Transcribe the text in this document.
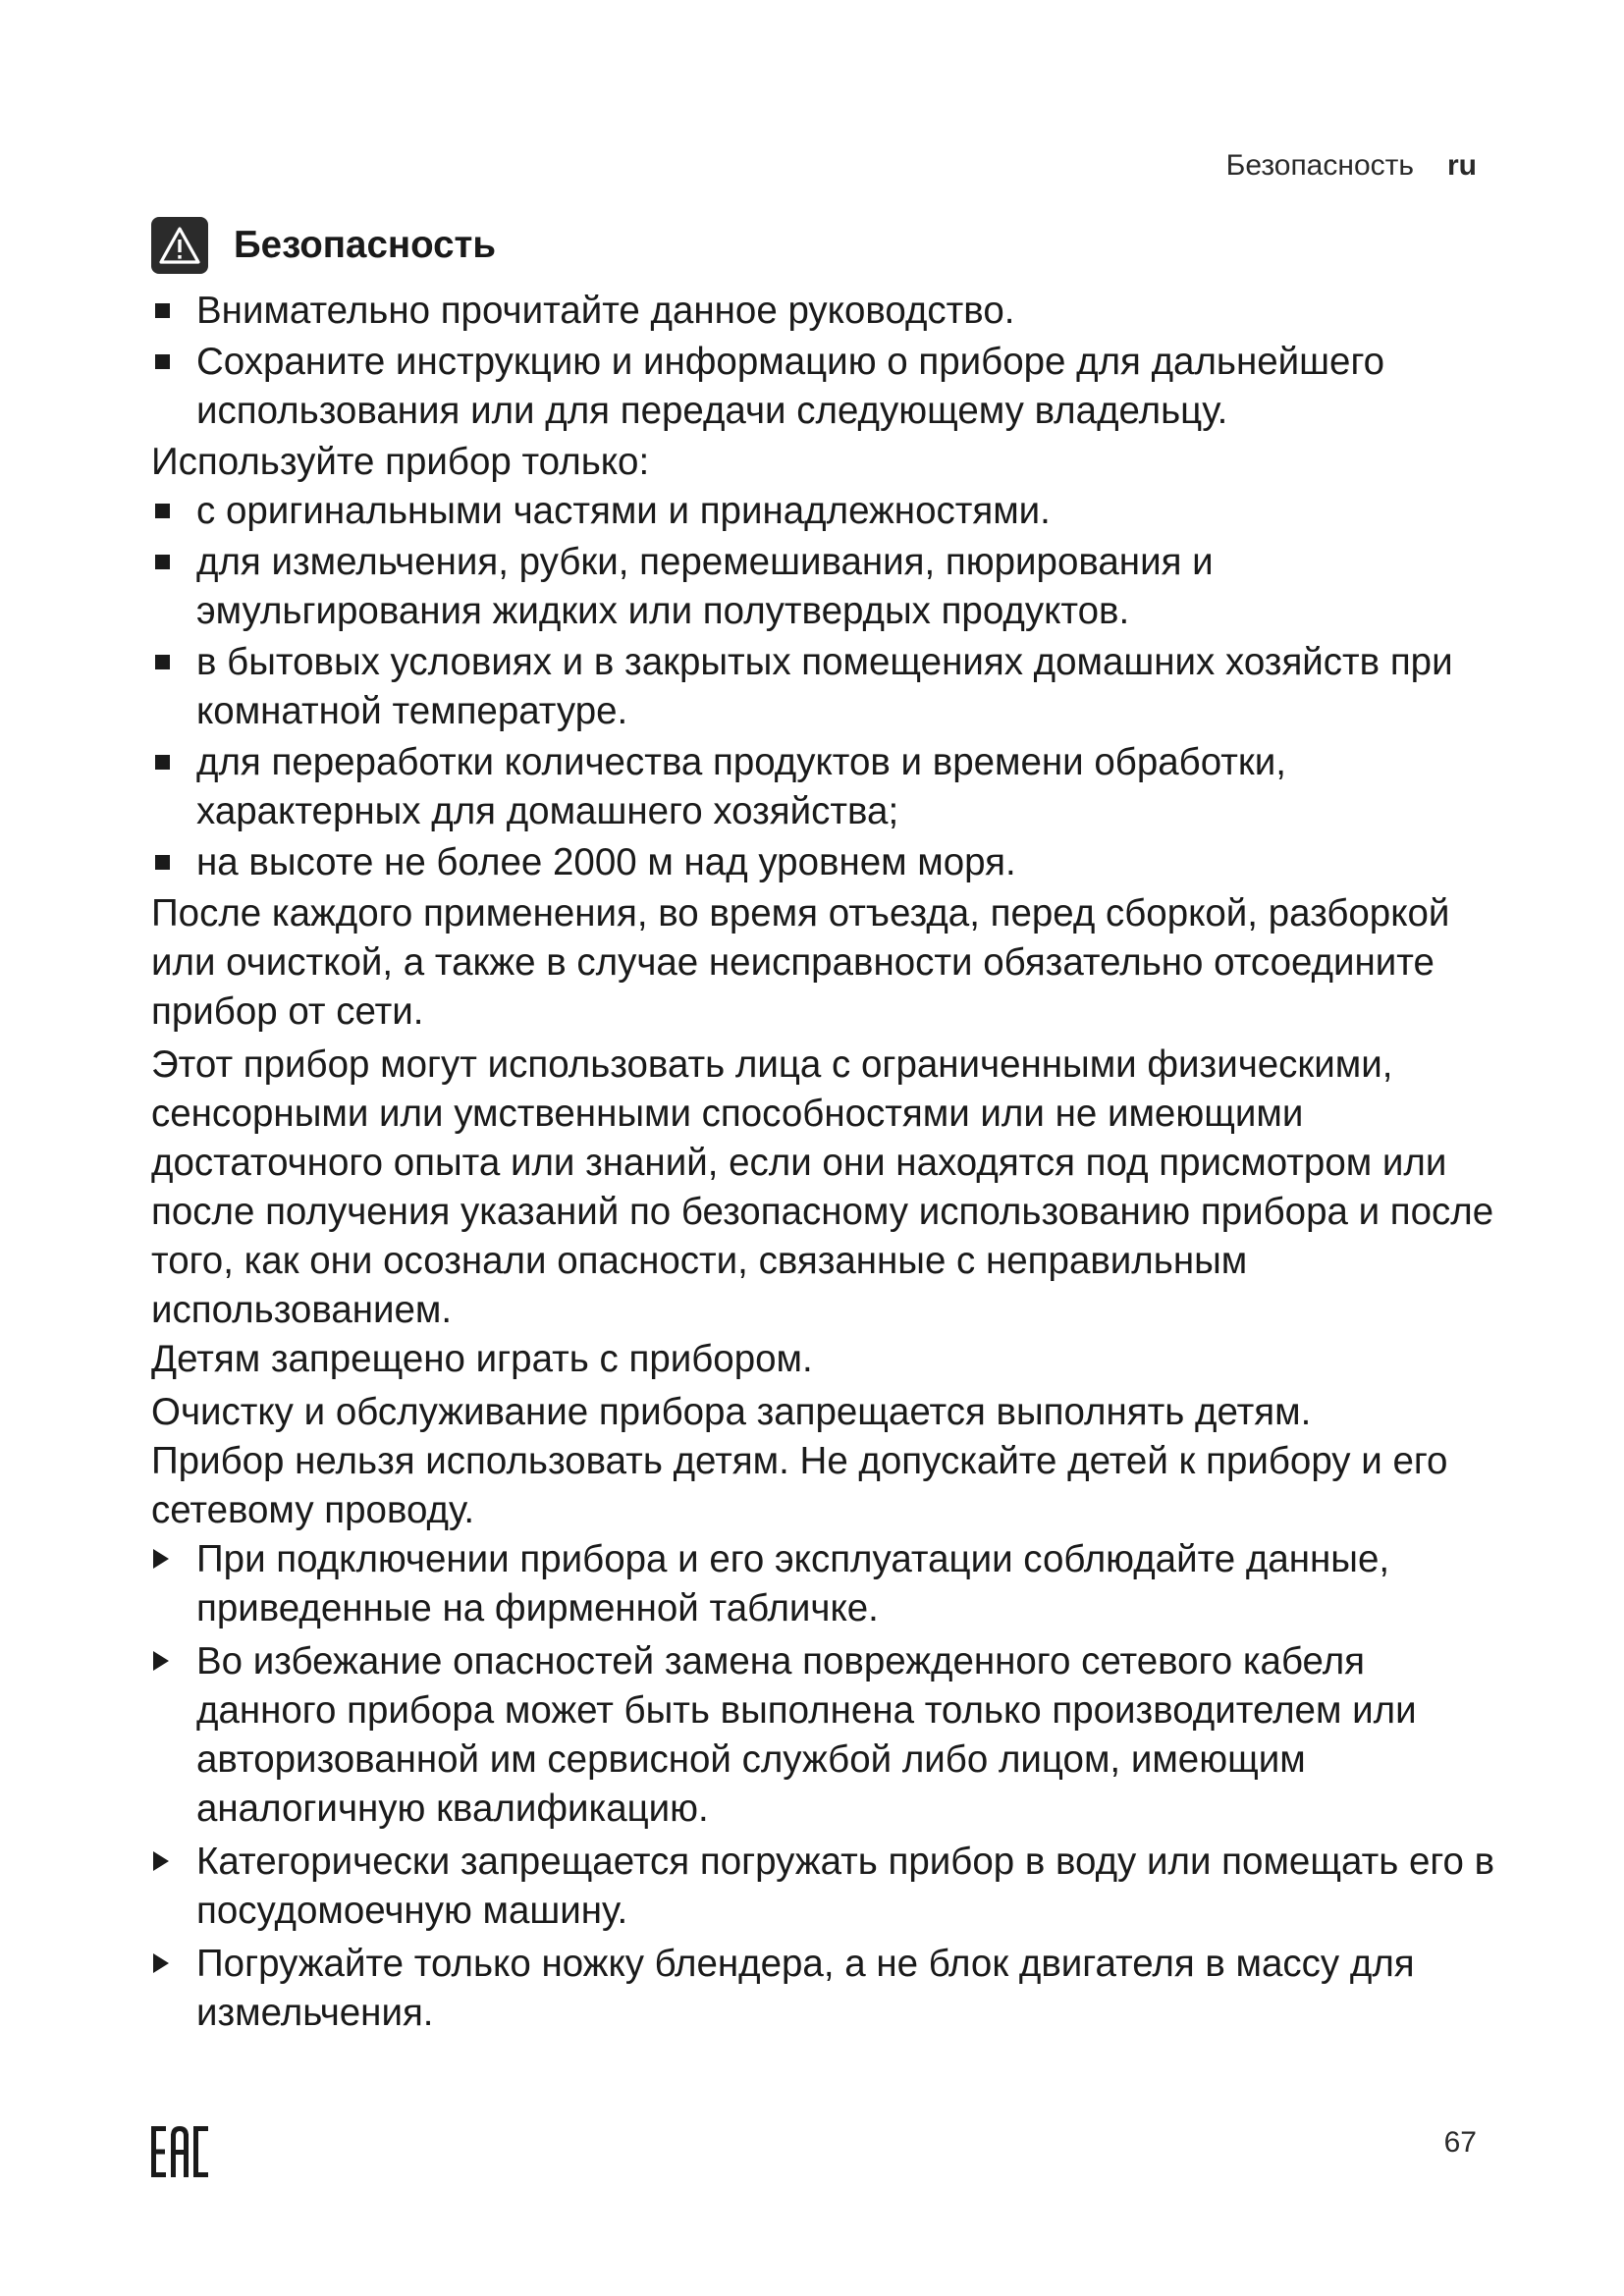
Безопасность ru
Безопасность
Внимательно прочитайте данное руководство.
Сохраните инструкцию и информацию о приборе для дальнейшего использования или для передачи следующему владельцу.

Используйте прибор только:

с оригинальными частями и принадлежностями.
для измельчения, рубки, перемешивания, пюрирования и эмульгирования жидких или полутвердых продуктов.
в бытовых условиях и в закрытых помещениях домашних хозяйств при комнатной температуре.
для переработки количества продуктов и времени обработки, характерных для домашнего хозяйства;
на высоте не более 2000 м над уровнем моря.

После каждого применения, во время отъезда, перед сборкой, разборкой или очисткой, а также в случае неисправности обязательно отсоедините прибор от сети.

Этот прибор могут использовать лица с ограниченными физическими, сенсорными или умственными способностями или не имеющими достаточного опыта или знаний, если они находятся под присмотром или после получения указаний по безопасному использованию прибора и после того, как они осознали опасности, связанные с неправильным использованием.

Детям запрещено играть с прибором.

Очистку и обслуживание прибора запрещается выполнять детям.

Прибор нельзя использовать детям. Не допускайте детей к прибору и его сетевому проводу.

При подключении прибора и его эксплуатации соблюдайте данные, приведенные на фирменной табличке.
Во избежание опасностей замена поврежденного сетевого кабеля данного прибора может быть выполнена только производителем или авторизованной им сервисной службой либо лицом, имеющим аналогичную квалификацию.
Категорически запрещается погружать прибор в воду или помещать его в посудомоечную машину.
Погружайте только ножку блендера, а не блок двигателя в массу для измельчения.
67
